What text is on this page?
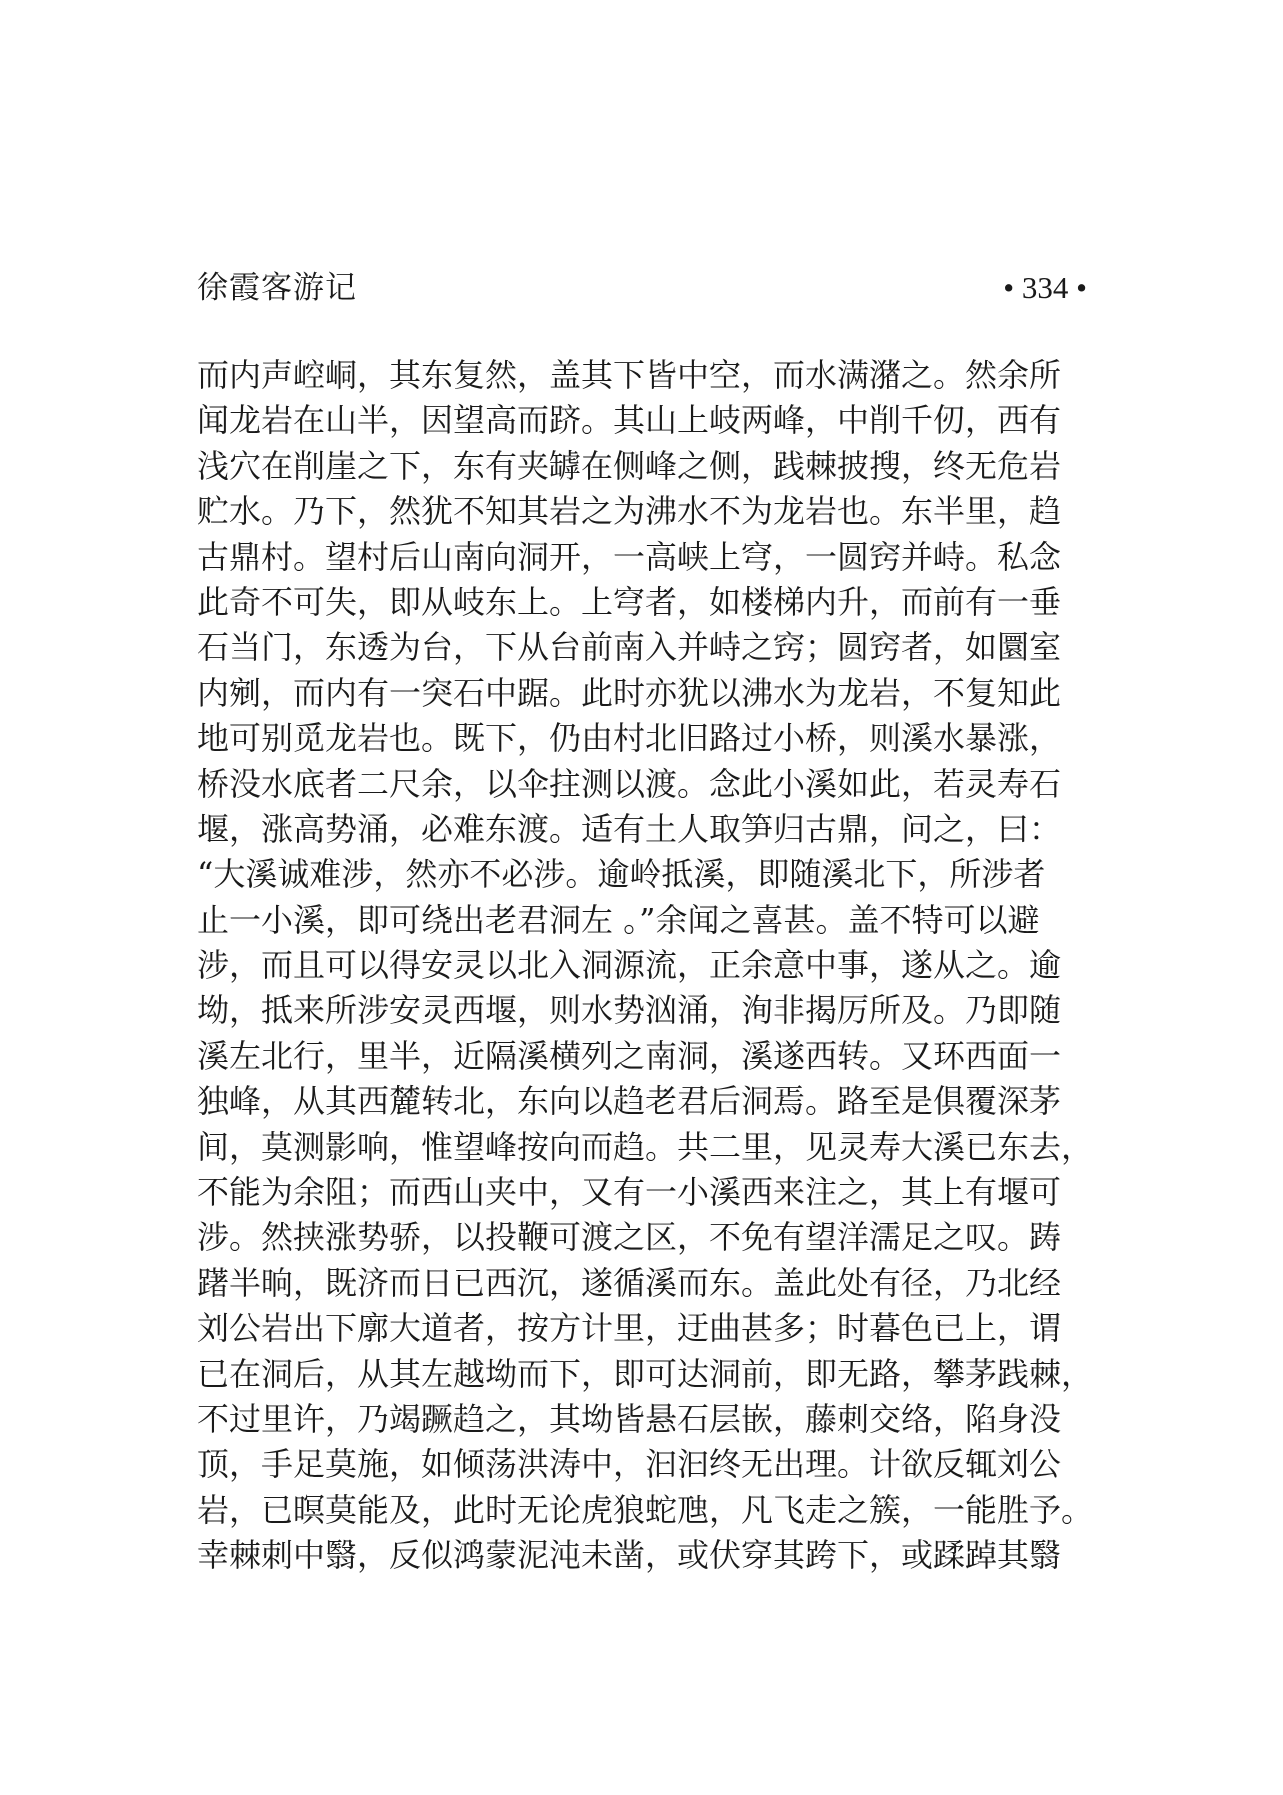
徐霞客游记	• 334 •
而内声崆峒，其东复然，盖其下皆中空，而水满潴之。然余所
闻龙岩在山半，因望高而跻。其山上岐两峰，中削千仞，西有
浅穴在削崖之下，东有夹罅在侧峰之侧，践棘披搜，终无危岩
贮水。乃下，然犹不知其岩之为沸水不为龙岩也。东半里，趋
古鼎村。望村后山南向洞开，一高峡上穹，一圆窍并峙。私念
此奇不可失，即从岐东上。上穹者，如楼梯内升，而前有一垂
石当门，东透为台，下从台前南入并峙之窍；圆窍者，如圜室
内剜，而内有一突石中踞。此时亦犹以沸水为龙岩，不复知此
地可别觅龙岩也。既下，仍由村北旧路过小桥，则溪水暴涨，
桥没水底者二尺余，以伞拄测以渡。念此小溪如此，若灵寿石
堰，涨高势涌，必难东渡。适有土人取笋归古鼎，问之，曰：
“大溪诚难涉，然亦不必涉。逾岭抵溪，即随溪北下，所涉者
止一小溪，即可绕出老君洞左 。”余闻之喜甚。盖不特可以避
涉，而且可以得安灵以北入洞源流，正余意中事，遂从之。逾
坳，抵来所涉安灵西堰，则水势汹涌，洵非揭厉所及。乃即随
溪左北行，里半，近隔溪横列之南洞，溪遂西转。又环西面一
独峰，从其西麓转北，东向以趋老君后洞焉。路至是俱覆深茅
间，莫测影响，惟望峰按向而趋。共二里，见灵寿大溪已东去，
不能为余阻；而西山夹中，又有一小溪西来注之，其上有堰可
涉。然挟涨势骄，以投鞭可渡之区，不免有望洋濡足之叹。踌
躇半晌，既济而日已西沉，遂循溪而东。盖此处有径，乃北经
刘公岩出下廓大道者，按方计里，迂曲甚多；时暮色已上，谓
已在洞后，从其左越坳而下，即可达洞前，即无路，攀茅践棘，
不过里许，乃竭蹶趋之，其坳皆悬石层嵌，藤刺交络，陷身没
顶，手足莫施，如倾荡洪涛中，汩汩终无出理。计欲反辄刘公
岩，已暝莫能及，此时无论虎狼蛇虺，凡飞走之簇，一能胜予。
幸棘刺中翳，反似鸿蒙泥沌未凿，或伏穿其跨下，或蹂踔其翳
